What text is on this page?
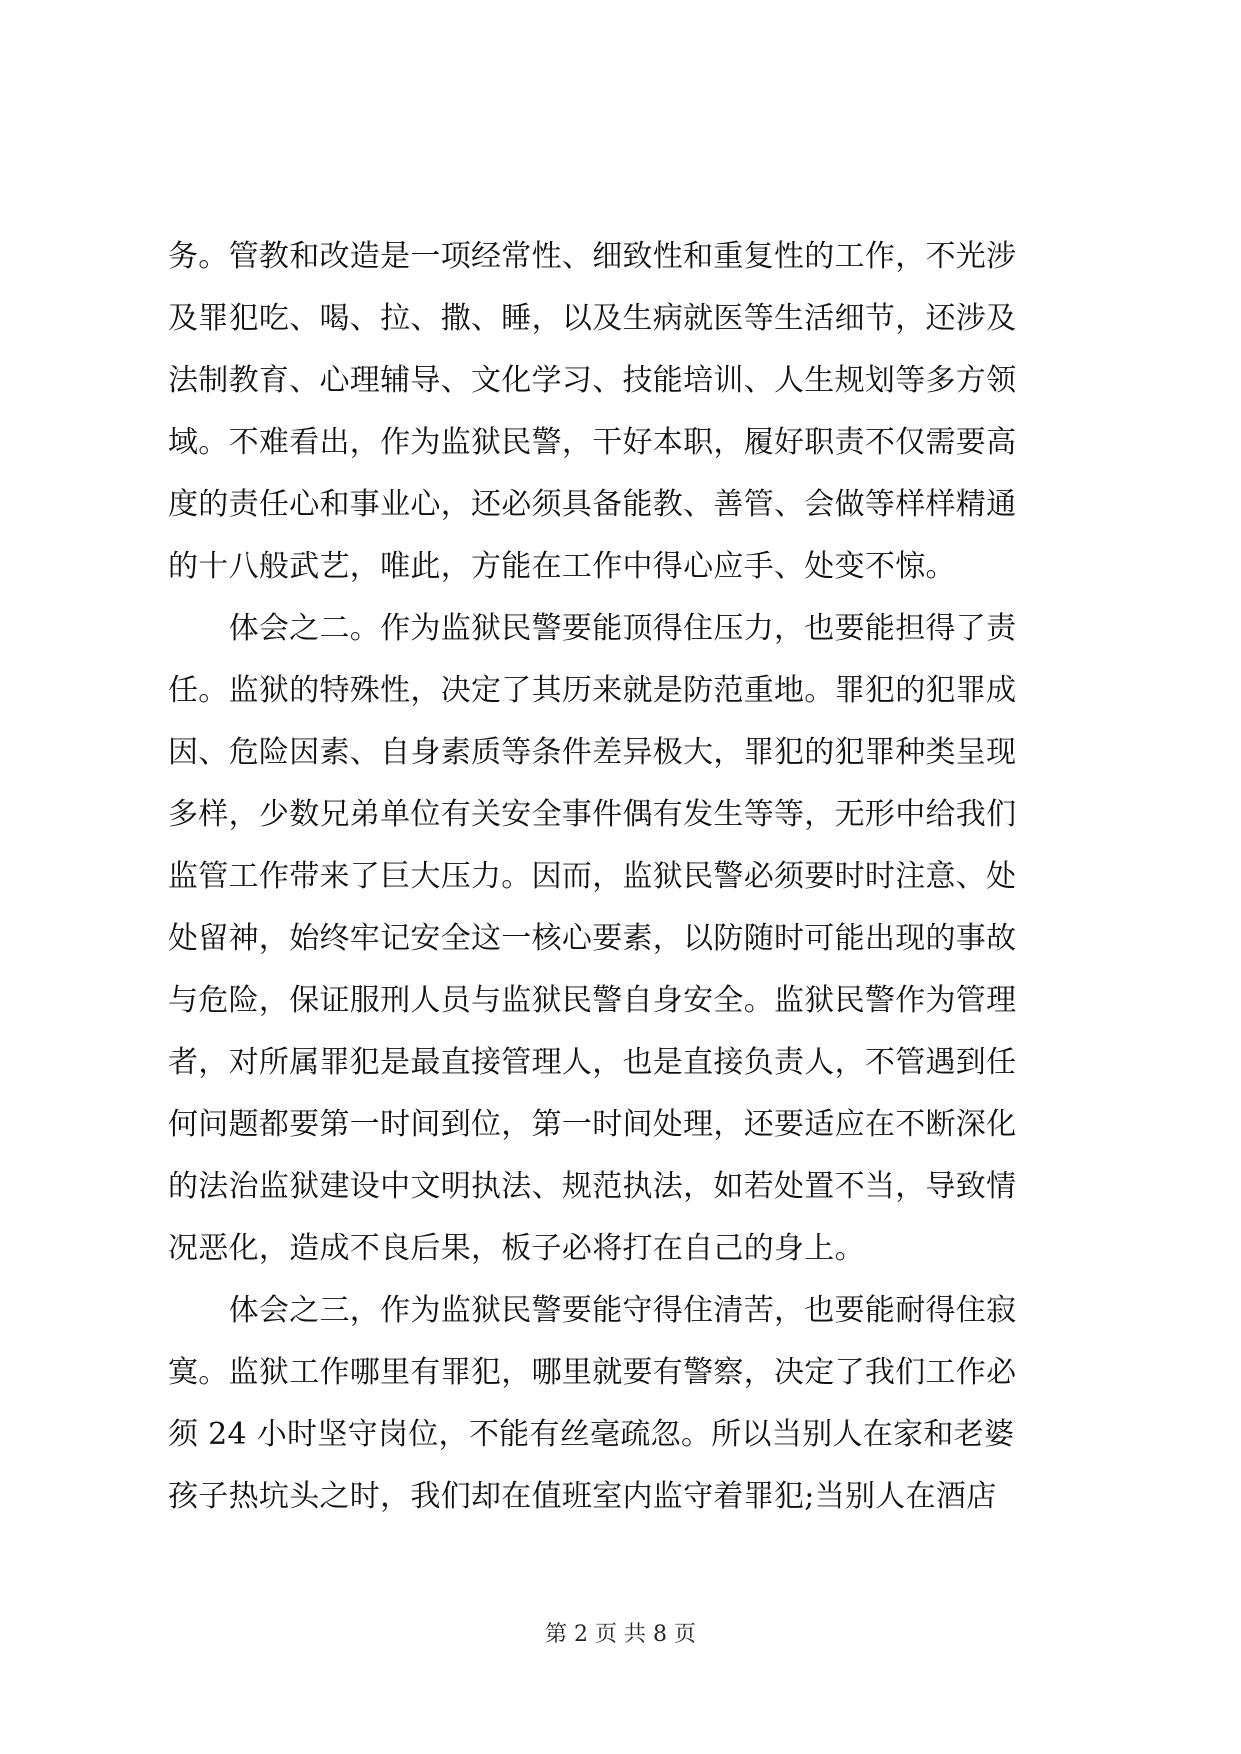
务。管教和改造是一项经常性、细致性和重复性的工作，不光涉
及罪犯吃、喝、拉、撒、睡，以及生病就医等生活细节，还涉及
法制教育、心理辅导、文化学习、技能培训、人生规划等多方领
域。不难看出，作为监狱民警，干好本职，履好职责不仅需要高
度的责任心和事业心，还必须具备能教、善管、会做等样样精通
的十八般武艺，唯此，方能在工作中得心应手、处变不惊。
　　体会之二。作为监狱民警要能顶得住压力，也要能担得了责
任。监狱的特殊性，决定了其历来就是防范重地。罪犯的犯罪成
因、危险因素、自身素质等条件差异极大，罪犯的犯罪种类呈现
多样，少数兄弟单位有关安全事件偶有发生等等，无形中给我们
监管工作带来了巨大压力。因而，监狱民警必须要时时注意、处
处留神，始终牢记安全这一核心要素，以防随时可能出现的事故
与危险，保证服刑人员与监狱民警自身安全。监狱民警作为管理
者，对所属罪犯是最直接管理人，也是直接负责人，不管遇到任
何问题都要第一时间到位，第一时间处理，还要适应在不断深化
的法治监狱建设中文明执法、规范执法，如若处置不当，导致情
况恶化，造成不良后果，板子必将打在自己的身上。
　　体会之三，作为监狱民警要能守得住清苦，也要能耐得住寂
寞。监狱工作哪里有罪犯，哪里就要有警察，决定了我们工作必
须 24 小时坚守岗位，不能有丝毫疏忽。所以当别人在家和老婆
孩子热坑头之时，我们却在值班室内监守着罪犯;当别人在酒店
第 2 页 共 8 页
